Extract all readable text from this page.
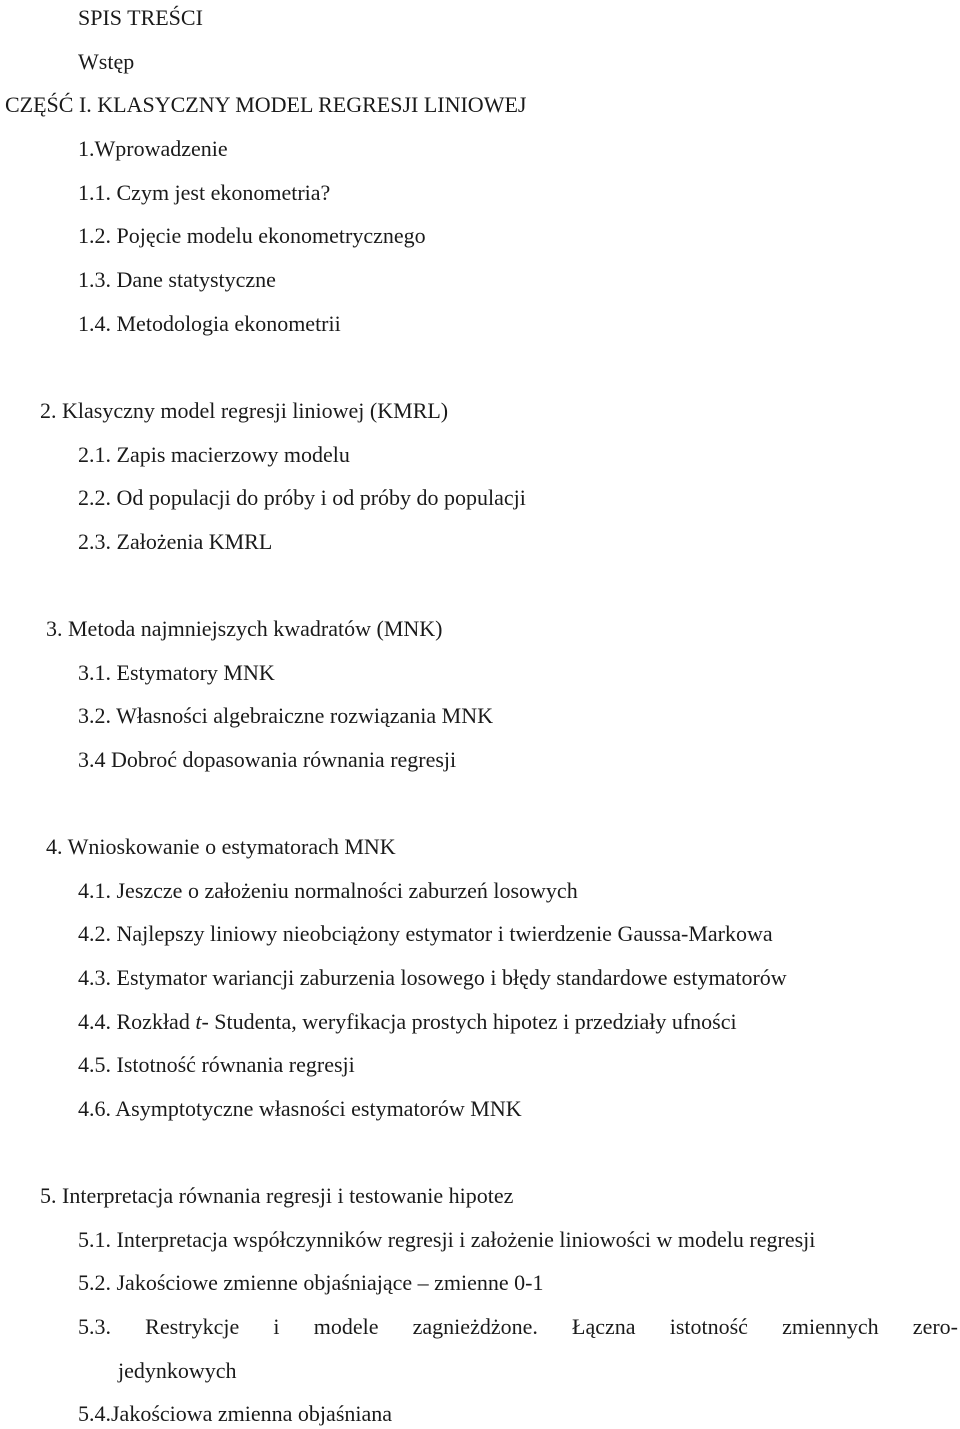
SPIS TREŚCI
Wstęp
CZĘŚĆ I. KLASYCZNY MODEL REGRESJI LINIOWEJ
1.Wprowadzenie
1.1. Czym jest ekonometria?
1.2. Pojęcie modelu ekonometrycznego
1.3. Dane statystyczne
1.4. Metodologia ekonometrii
2. Klasyczny model regresji liniowej (KMRL)
2.1. Zapis macierzowy modelu
2.2. Od populacji do próby i od próby do populacji
2.3. Założenia KMRL
3. Metoda najmniejszych kwadratów (MNK)
3.1. Estymatory MNK
3.2. Własności algebraiczne rozwiązania MNK
3.4 Dobroć dopasowania równania regresji
4. Wnioskowanie o estymatorach MNK
4.1. Jeszcze o założeniu normalności zaburzeń losowych
4.2. Najlepszy liniowy nieobciążony estymator i twierdzenie Gaussa-Markowa
4.3. Estymator wariancji zaburzenia losowego i błędy standardowe estymatorów
4.4. Rozkład t- Studenta, weryfikacja prostych hipotez i przedziały ufności
4.5. Istotność równania regresji
4.6. Asymptotyczne własności estymatorów MNK
5. Interpretacja równania regresji i testowanie hipotez
5.1. Interpretacja współczynników regresji i założenie liniowości w modelu regresji
5.2. Jakościowe zmienne objaśniające – zmienne 0-1
5.3. Restrykcje i modele zagnieżdżone. Łączna istotność zmiennych zero-
jedynkowych
5.4.Jakościowa zmienna objaśniana
